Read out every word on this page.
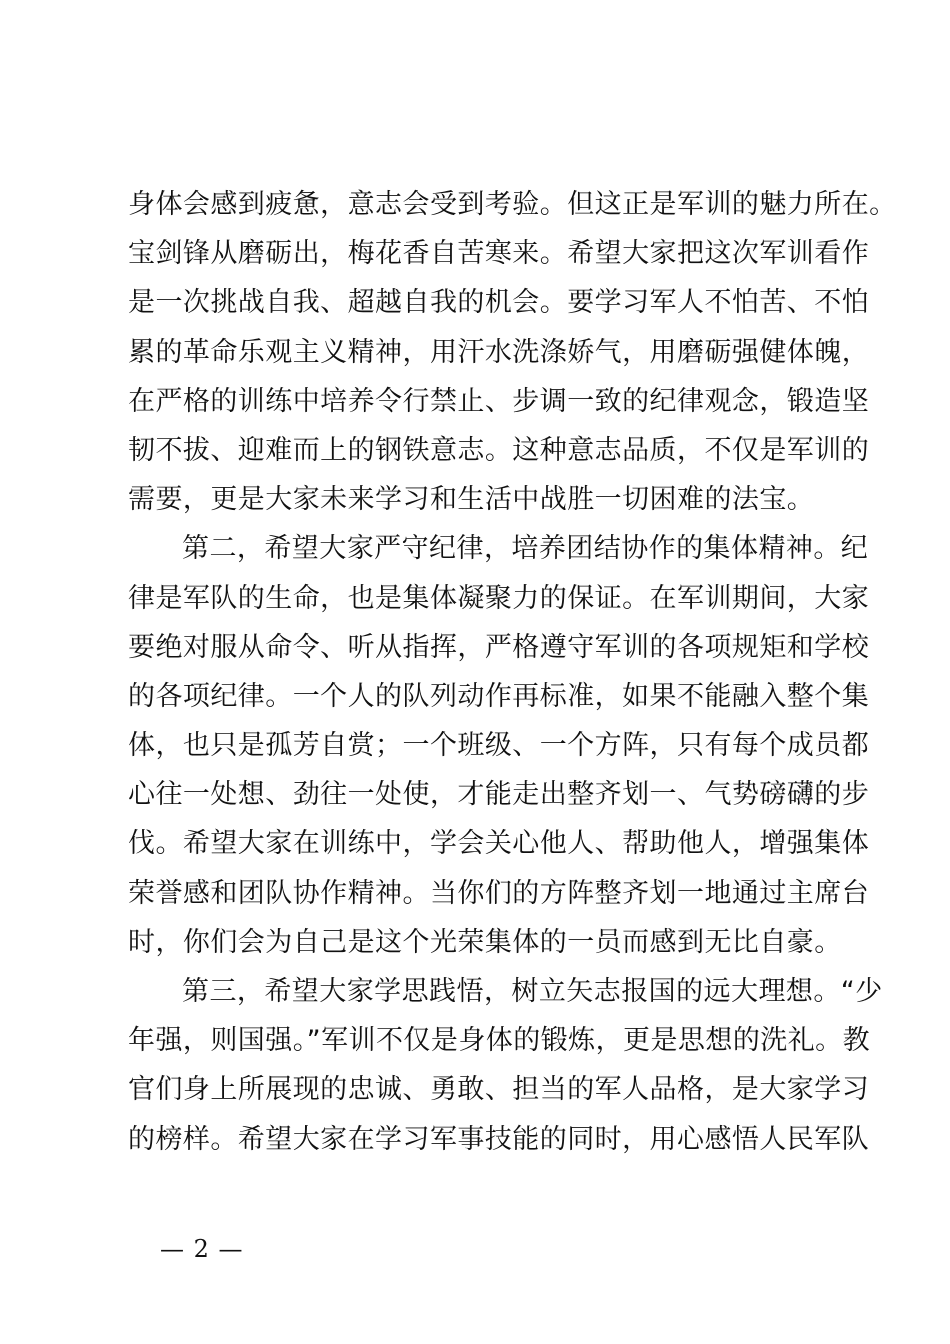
身体会感到疲惫，意志会受到考验。但这正是军训的魅力所在。
宝剑锋从磨砺出，梅花香自苦寒来。希望大家把这次军训看作
是一次挑战自我、超越自我的机会。要学习军人不怕苦、不怕
累的革命乐观主义精神，用汗水洗涤娇气，用磨砺强健体魄，
在严格的训练中培养令行禁止、步调一致的纪律观念，锻造坚
韧不拔、迎难而上的钢铁意志。这种意志品质，不仅是军训的
需要，更是大家未来学习和生活中战胜一切困难的法宝。
第二，希望大家严守纪律，培养团结协作的集体精神。纪
律是军队的生命，也是集体凝聚力的保证。在军训期间，大家
要绝对服从命令、听从指挥，严格遵守军训的各项规矩和学校
的各项纪律。一个人的队列动作再标准，如果不能融入整个集
体，也只是孤芳自赏；一个班级、一个方阵，只有每个成员都
心往一处想、劲往一处使，才能走出整齐划一、气势磅礴的步
伐。希望大家在训练中，学会关心他人、帮助他人，增强集体
荣誉感和团队协作精神。当你们的方阵整齐划一地通过主席台
时，你们会为自己是这个光荣集体的一员而感到无比自豪。
第三，希望大家学思践悟，树立矢志报国的远大理想。“少
年强，则国强。”军训不仅是身体的锻炼，更是思想的洗礼。教
官们身上所展现的忠诚、勇敢、担当的军人品格，是大家学习
的榜样。希望大家在学习军事技能的同时，用心感悟人民军队
— 2 —
